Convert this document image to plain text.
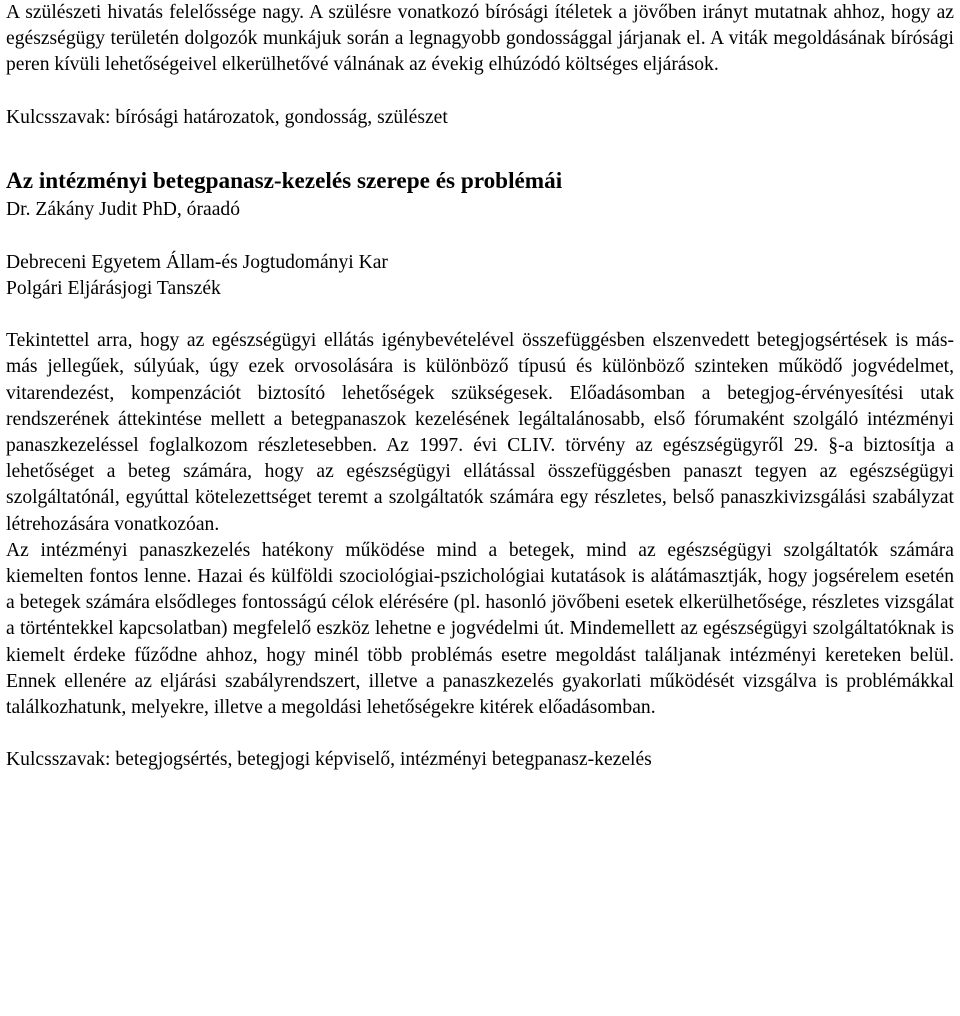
A szülészeti hivatás felelőssége nagy. A szülésre vonatkozó bírósági ítéletek a jövőben irányt mutatnak ahhoz, hogy az egészségügy területén dolgozók munkájuk során a legnagyobb gondossággal járjanak el. A viták megoldásának bírósági peren kívüli lehetőségeivel elkerülhetővé válnának az évekig elhúzódó költséges eljárások.

Kulcsszavak: bírósági határozatok, gondosság, szülészet

Az intézményi betegpanasz-kezelés szerepe és problémái

Dr. Zákány Judit PhD, óraadó

Debreceni Egyetem Állam-és Jogtudományi Kar

Polgári Eljárásjogi Tanszék

Tekintettel arra, hogy az egészségügyi ellátás igénybevételével összefüggésben elszenvedett betegjogsértések is más-más jellegűek, súlyúak, úgy ezek orvosolására is különböző típusú és különböző szinteken működő jogvédelmet, vitarendezést, kompenzációt biztosító lehetőségek szükségesek. Előadásomban a betegjog-érvényesítési utak rendszerének áttekintése mellett a betegpanaszok kezelésének legáltalánosabb, első fórumaként szolgáló intézményi panaszkezeléssel foglalkozom részletesebben. Az 1997. évi CLIV. törvény az egészségügyről 29. §-a biztosítja a lehetőséget a beteg számára, hogy az egészségügyi ellátással összefüggésben panaszt tegyen az egészségügyi szolgáltatónál, egyúttal kötelezettséget teremt a szolgáltatók számára egy részletes, belső panaszkivizsgálási szabályzat létrehozására vonatkozóan.

Az intézményi panaszkezelés hatékony működése mind a betegek, mind az egészségügyi szolgáltatók számára kiemelten fontos lenne. Hazai és külföldi szociológiai-pszichológiai kutatások is alátámasztják, hogy jogsérelem esetén a betegek számára elsődleges fontosságú célok elérésére (pl. hasonló jövőbeni esetek elkerülhetősége, részletes vizsgálat a történtekkel kapcsolatban) megfelelő eszköz lehetne e jogvédelmi út. Mindemellett az egészségügyi szolgáltatóknak is kiemelt érdeke fűződne ahhoz, hogy minél több problémás esetre megoldást találjanak intézményi kereteken belül. Ennek ellenére az eljárási szabályrendszert, illetve a panaszkezelés gyakorlati működését vizsgálva is problémákkal találkozhatunk, melyekre, illetve a megoldási lehetőségekre kitérek előadásomban.

Kulcsszavak: betegjogsértés, betegjogi képviselő, intézményi betegpanasz-kezelés
